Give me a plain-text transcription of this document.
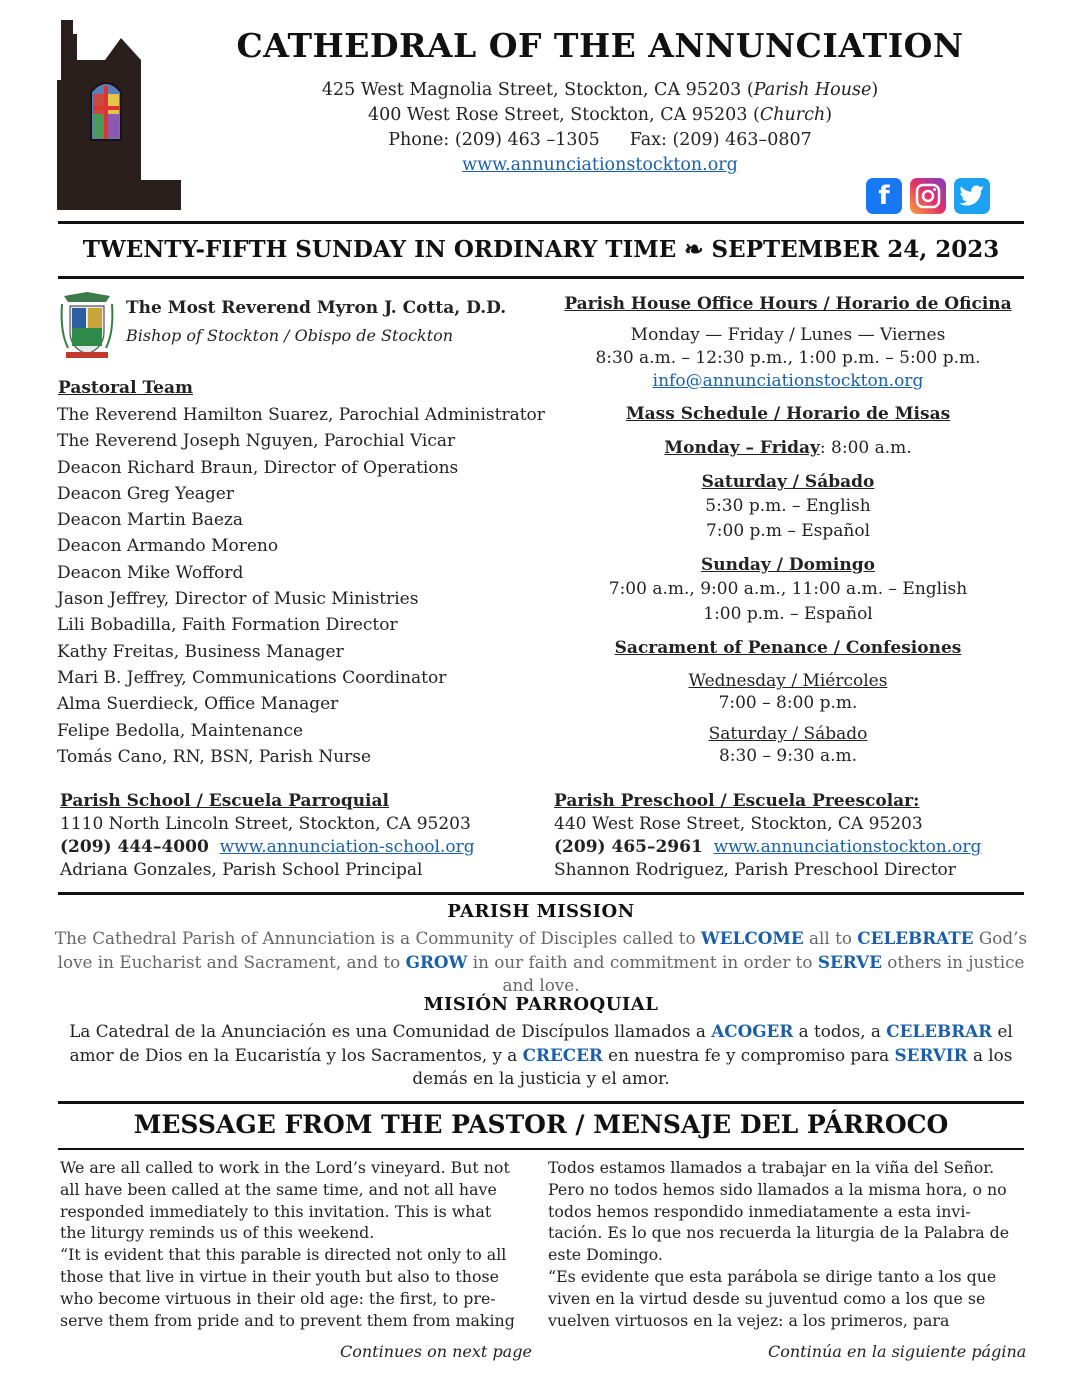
CATHEDRAL OF THE ANNUNCIATION
425 West Magnolia Street, Stockton, CA 95203 (Parish House)
400 West Rose Street, Stockton, CA 95203 (Church)
Phone: (209) 463 –1305 Fax: (209) 463–0807
www.annunciationstockton.org
f
TWENTY-FIFTH SUNDAY IN ORDINARY TIME ❧ SEPTEMBER 24, 2023
The Most Reverend Myron J. Cotta, D.D.
Bishop of Stockton / Obispo de Stockton
Pastoral Team
The Reverend Hamilton Suarez, Parochial Administrator
The Reverend Joseph Nguyen, Parochial Vicar
Deacon Richard Braun, Director of Operations
Deacon Greg Yeager
Deacon Martin Baeza
Deacon Armando Moreno
Deacon Mike Wofford
Jason Jeffrey, Director of Music Ministries
Lili Bobadilla, Faith Formation Director
Kathy Freitas, Business Manager
Mari B. Jeffrey, Communications Coordinator
Alma Suerdieck, Office Manager
Felipe Bedolla, Maintenance
Tomás Cano, RN, BSN, Parish Nurse
Parish House Office Hours / Horario de Oficina
Monday — Friday / Lunes — Viernes
8:30 a.m. – 12:30 p.m., 1:00 p.m. – 5:00 p.m.
info@annunciationstockton.org
Mass Schedule / Horario de Misas
Monday – Friday: 8:00 a.m.
Saturday / Sábado
5:30 p.m. – English
7:00 p.m – Español
Sunday / Domingo
7:00 a.m., 9:00 a.m., 11:00 a.m. – English
1:00 p.m. – Español
Sacrament of Penance / Confesiones
Wednesday / Miércoles
7:00 – 8:00 p.m.
Saturday / Sábado
8:30 – 9:30 a.m.
Parish School / Escuela Parroquial
1110 North Lincoln Street, Stockton, CA 95203
(209) 444–4000 www.annunciation-school.org
Adriana Gonzales, Parish School Principal
Parish Preschool / Escuela Preescolar:
440 West Rose Street, Stockton, CA 95203
(209) 465–2961 www.annunciationstockton.org
Shannon Rodriguez, Parish Preschool Director
PARISH MISSION
The Cathedral Parish of Annunciation is a Community of Disciples called to WELCOME all to CELEBRATE God’s love in Eucharist and Sacrament, and to GROW in our faith and commitment in order to SERVE others in justice and love.
MISIÓN PARROQUIAL
La Catedral de la Anunciación es una Comunidad de Discípulos llamados a ACOGER a todos, a CELEBRAR el amor de Dios en la Eucaristía y los Sacramentos, y a CRECER en nuestra fe y compromiso para SERVIR a los demás en la justicia y el amor.
MESSAGE FROM THE PASTOR / MENSAJE DEL PÁRROCO
We are all called to work in the Lord’s vineyard. But not
all have been called at the same time, and not all have
responded immediately to this invitation. This is what
the liturgy reminds us of this weekend.
“It is evident that this parable is directed not only to all
those that live in virtue in their youth but also to those
who become virtuous in their old age: the first, to pre-
serve them from pride and to prevent them from making
Todos estamos llamados a trabajar en la viña del Señor.
Pero no todos hemos sido llamados a la misma hora, o no
todos hemos respondido inmediatamente a esta invi-
tación. Es lo que nos recuerda la liturgia de la Palabra de
este Domingo.
“Es evidente que esta parábola se dirige tanto a los que
viven en la virtud desde su juventud como a los que se
vuelven virtuosos en la vejez: a los primeros, para
Continues on next page	Continúa en la siguiente página
